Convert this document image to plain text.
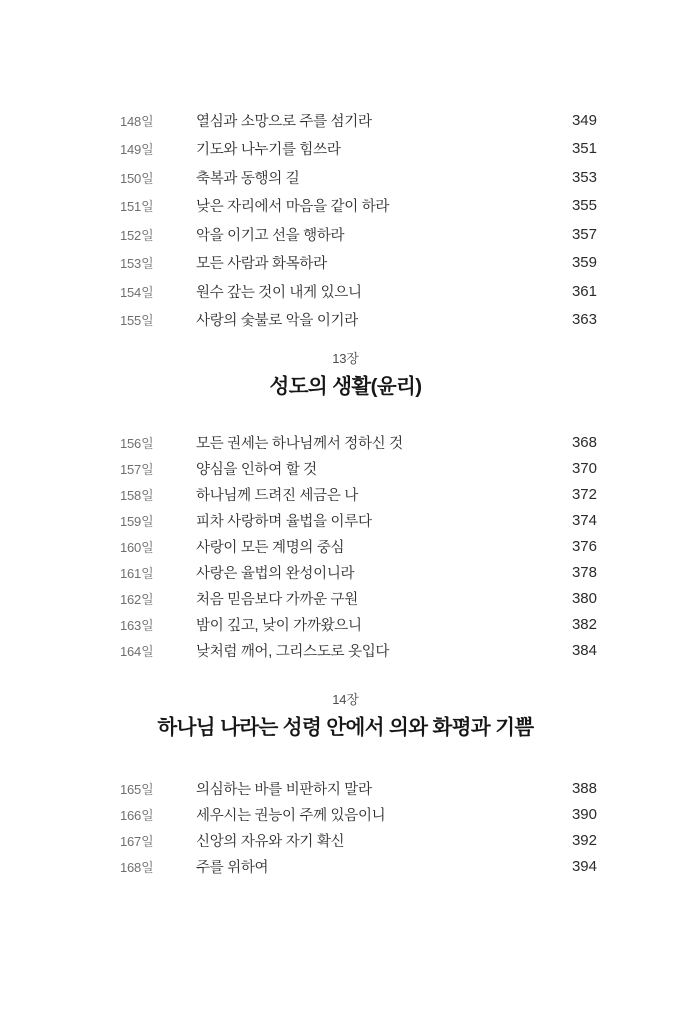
148일	열심과 소망으로 주를 섬기라	349
149일	기도와 나누기를 힘쓰라	351
150일	축복과 동행의 길	353
151일	낮은 자리에서 마음을 같이 하라	355
152일	악을 이기고 선을 행하라	357
153일	모든 사람과 화목하라	359
154일	원수 갚는 것이 내게 있으니	361
155일	사랑의 숯불로 악을 이기라	363
13장
성도의 생활(윤리)
156일	모든 권세는 하나님께서 정하신 것	368
157일	양심을 인하여 할 것	370
158일	하나님께 드려진 세금은 나	372
159일	피차 사랑하며 율법을 이루다	374
160일	사랑이 모든 계명의 중심	376
161일	사랑은 율법의 완성이니라	378
162일	처음 믿음보다 가까운 구원	380
163일	밤이 깊고, 낮이 가까왔으니	382
164일	낮처럼 깨어, 그리스도로 옷입다	384
14장
하나님 나라는 성령 안에서 의와 화평과 기쁨
165일	의심하는 바를 비판하지 말라	388
166일	세우시는 권능이 주께 있음이니	390
167일	신앙의 자유와 자기 확신	392
168일	주를 위하여	394
